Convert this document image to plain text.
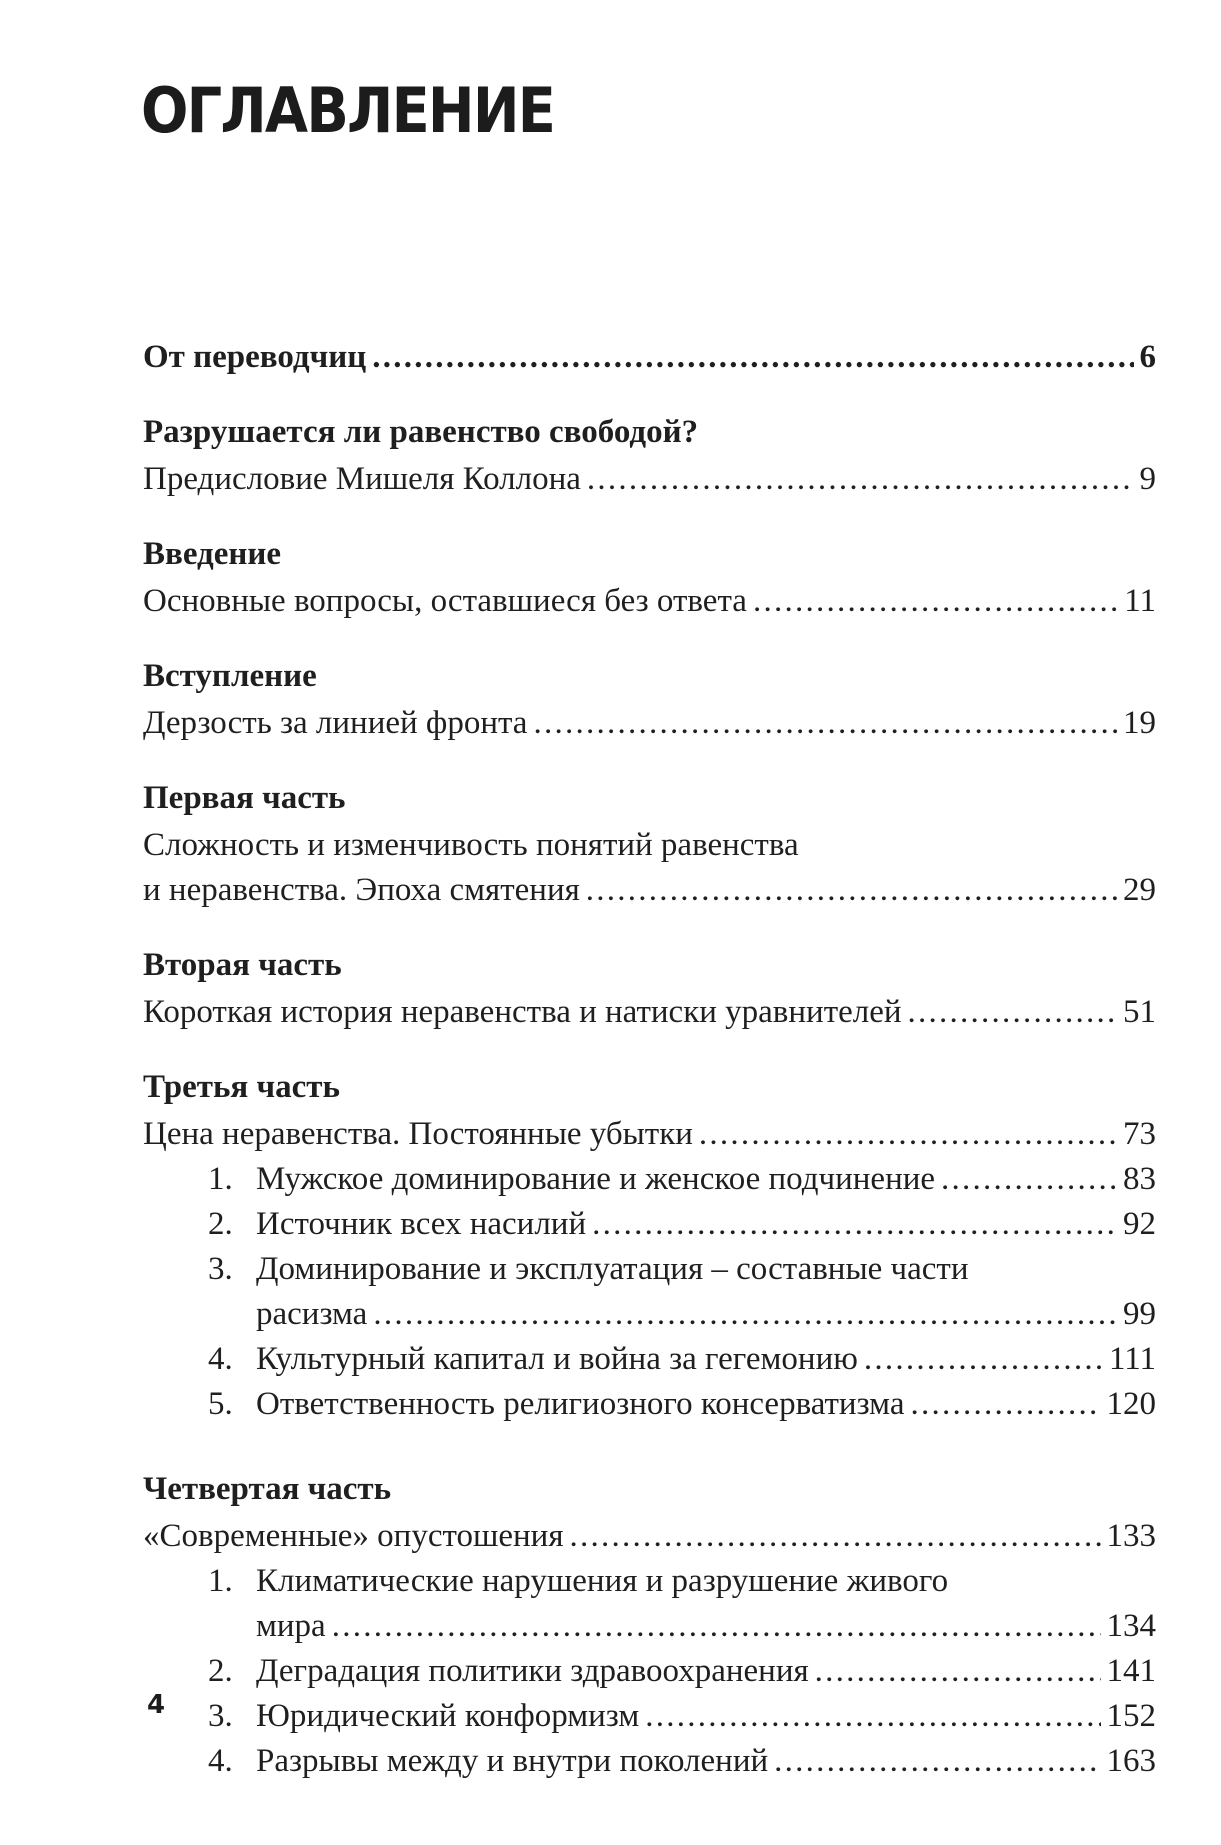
ОГЛАВЛЕНИЕ
От переводчиц . . .	6
Разрушается ли равенство свободой?
Предисловие Мишеля Коллона . . .	9
Введение
Основные вопросы, оставшиеся без ответа . . .	11
Вступление
Дерзость за линией фронта . . .	19
Первая часть
Сложность и изменчивость понятий равенства
и неравенства. Эпоха смятения . . .	29
Вторая часть
Короткая история неравенства и натиски уравнителей . . .	51
Третья часть
Цена неравенства. Постоянные убытки . . .	73
1. Мужское доминирование и женское подчинение . . .	83
2. Источник всех насилий . . .	92
3. Доминирование и эксплуатация – составные части
расизма . . .	99
4. Культурный капитал и война за гегемонию . . .	111
5. Ответственность религиозного консерватизма . . .	120
Четвертая часть
«Современные» опустошения . . .	133
1. Климатические нарушения и разрушение живого
мира . . .	134
2. Деградация политики здравоохранения . . .	141
3. Юридический конформизм . . .	152
4. Разрывы между и внутри поколений . . .	163
4
